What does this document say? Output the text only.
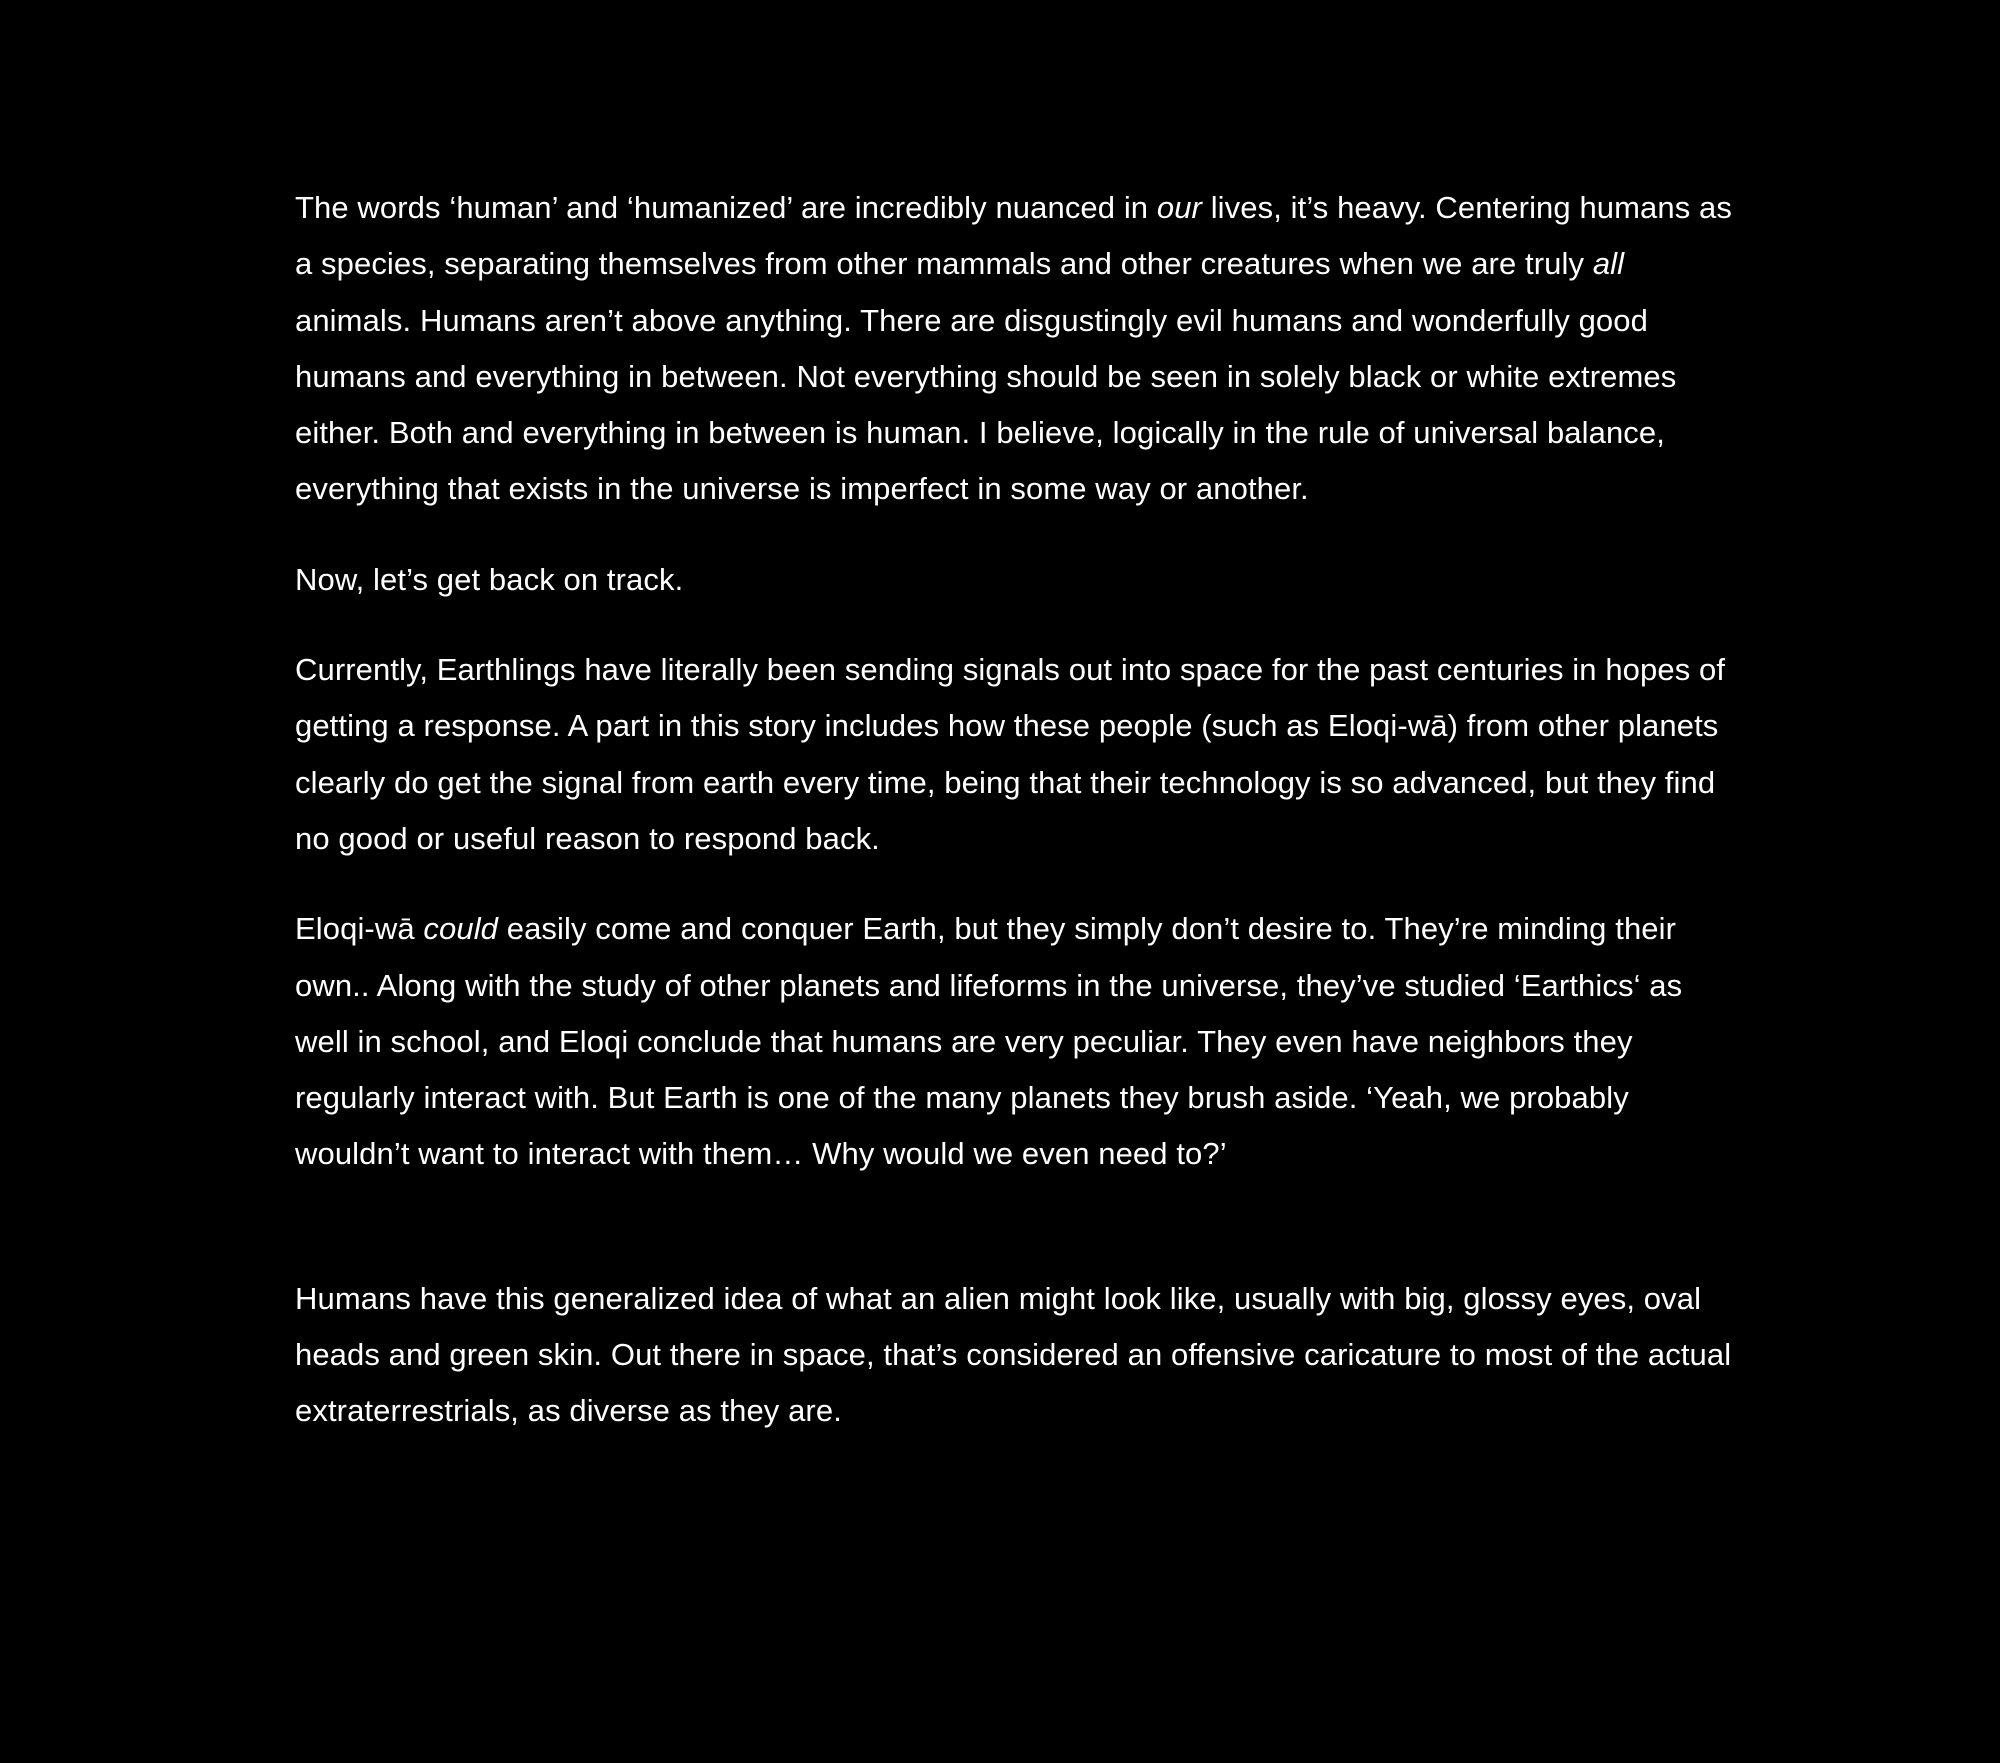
The words ‘human’ and ‘humanized’ are incredibly nuanced in our lives, it’s heavy. Centering humans as a species, separating themselves from other mammals and other creatures when we are truly all animals. Humans aren’t above anything. There are disgustingly evil humans and wonderfully good humans and everything in between. Not everything should be seen in solely black or white extremes either. Both and everything in between is human. I believe, logically in the rule of universal balance, everything that exists in the universe is imperfect in some way or another.

Now, let’s get back on track.

Currently, Earthlings have literally been sending signals out into space for the past centuries in hopes of getting a response. A part in this story includes how these people (such as Eloqi-wā) from other planets clearly do get the signal from earth every time, being that their technology is so advanced, but they find no good or useful reason to respond back.

Eloqi-wā could easily come and conquer Earth, but they simply don’t desire to. They’re minding their own.. Along with the study of other planets and lifeforms in the universe, they’ve studied ‘Earthics‘ as well in school, and Eloqi conclude that humans are very peculiar. They even have neighbors they regularly interact with. But Earth is one of the many planets they brush aside. ‘Yeah, we probably wouldn’t want to interact with them… Why would we even need to?’

Humans have this generalized idea of what an alien might look like, usually with big, glossy eyes, oval heads and green skin. Out there in space, that’s considered an offensive caricature to most of the actual extraterrestrials, as diverse as they are.
